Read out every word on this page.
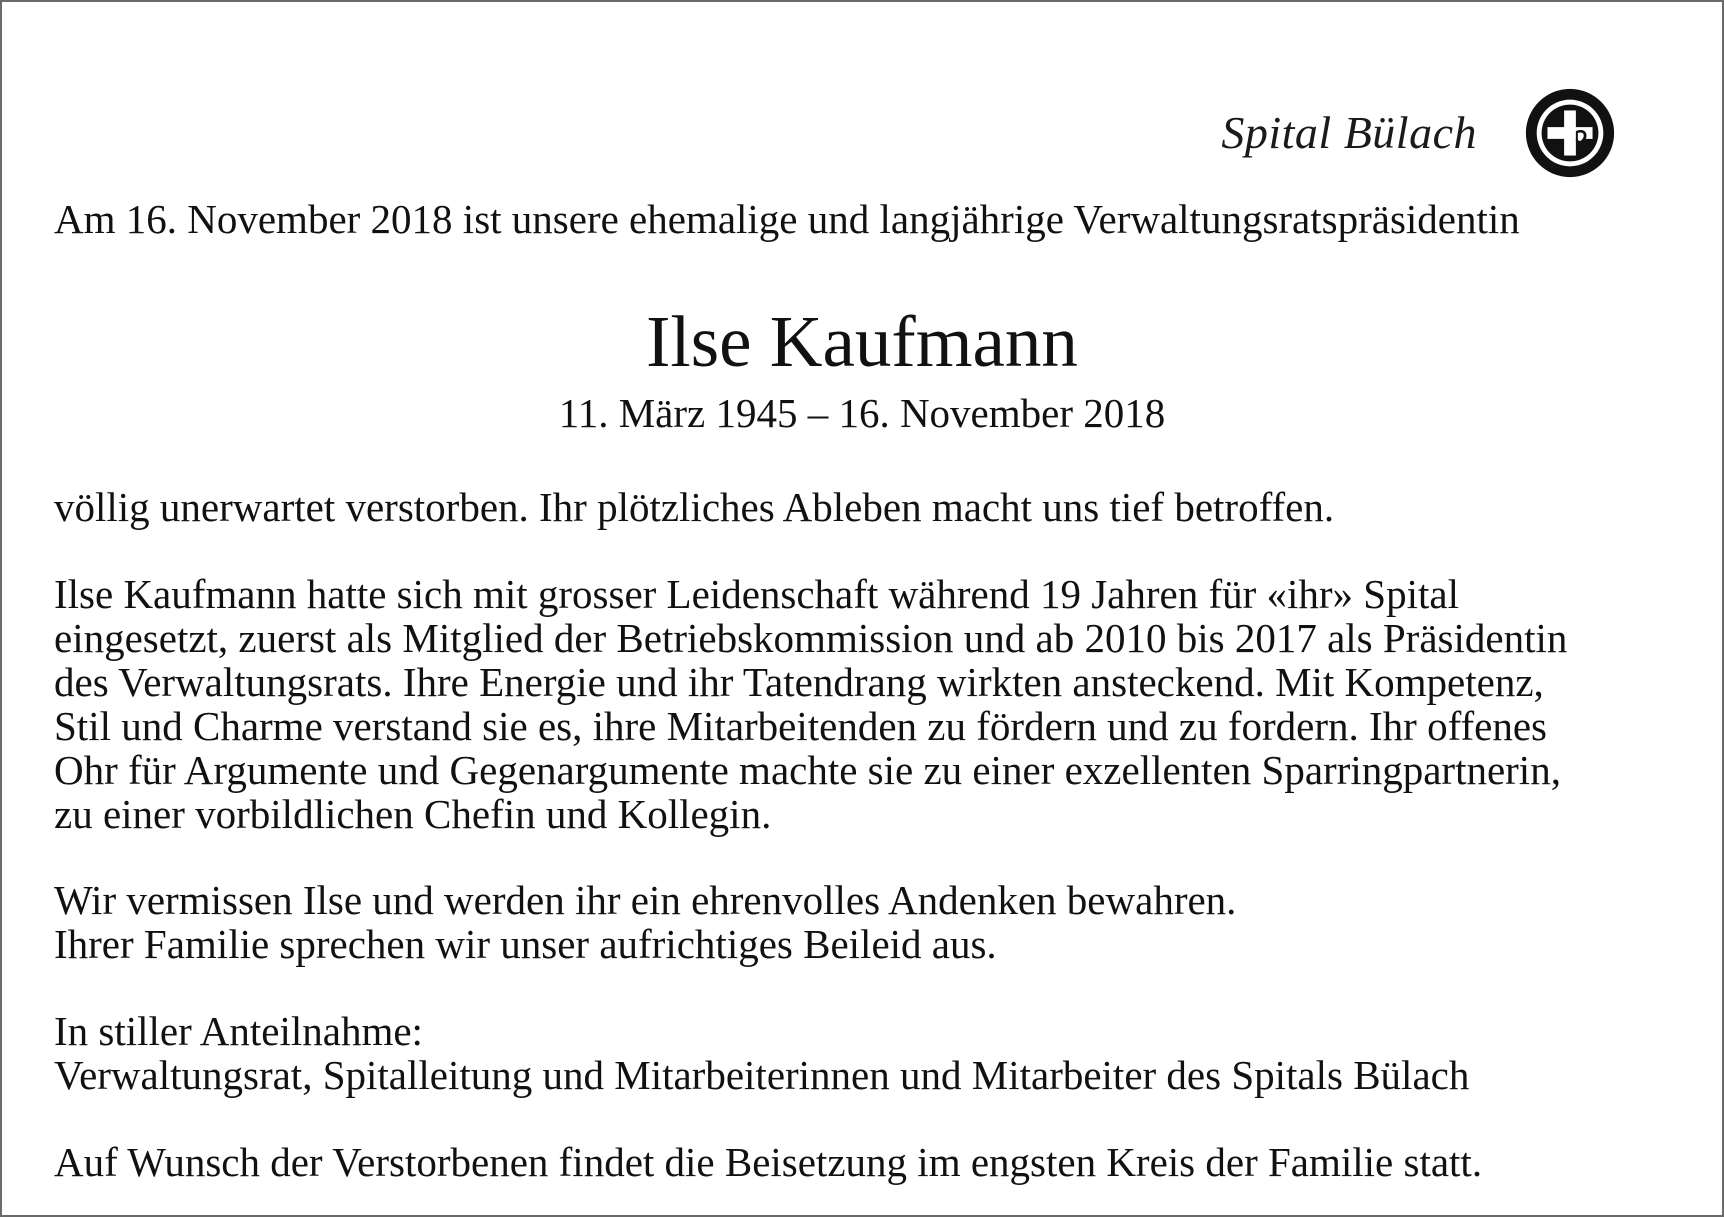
Spital Bülach

Am 16. November 2018 ist unsere ehemalige und langjährige Verwaltungsratspräsidentin

Ilse Kaufmann

11. März 1945 – 16. November 2018

völlig unerwartet verstorben. Ihr plötzliches Ableben macht uns tief betroffen.

Ilse Kaufmann hatte sich mit grosser Leidenschaft während 19 Jahren für «ihr» Spital

eingesetzt, zuerst als Mitglied der Betriebskommission und ab 2010 bis 2017 als Präsidentin

des Verwaltungsrats. Ihre Energie und ihr Tatendrang wirkten ansteckend. Mit Kompetenz,

Stil und Charme verstand sie es, ihre Mitarbeitenden zu fördern und zu fordern. Ihr offenes

Ohr für Argumente und Gegenargumente machte sie zu einer exzellenten Sparringpartnerin,

zu einer vorbildlichen Chefin und Kollegin.

Wir vermissen Ilse und werden ihr ein ehrenvolles Andenken bewahren.

Ihrer Familie sprechen wir unser aufrichtiges Beileid aus.

In stiller Anteilnahme:

Verwaltungsrat, Spitalleitung und Mitarbeiterinnen und Mitarbeiter des Spitals Bülach

Auf Wunsch der Verstorbenen findet die Beisetzung im engsten Kreis der Familie statt.
